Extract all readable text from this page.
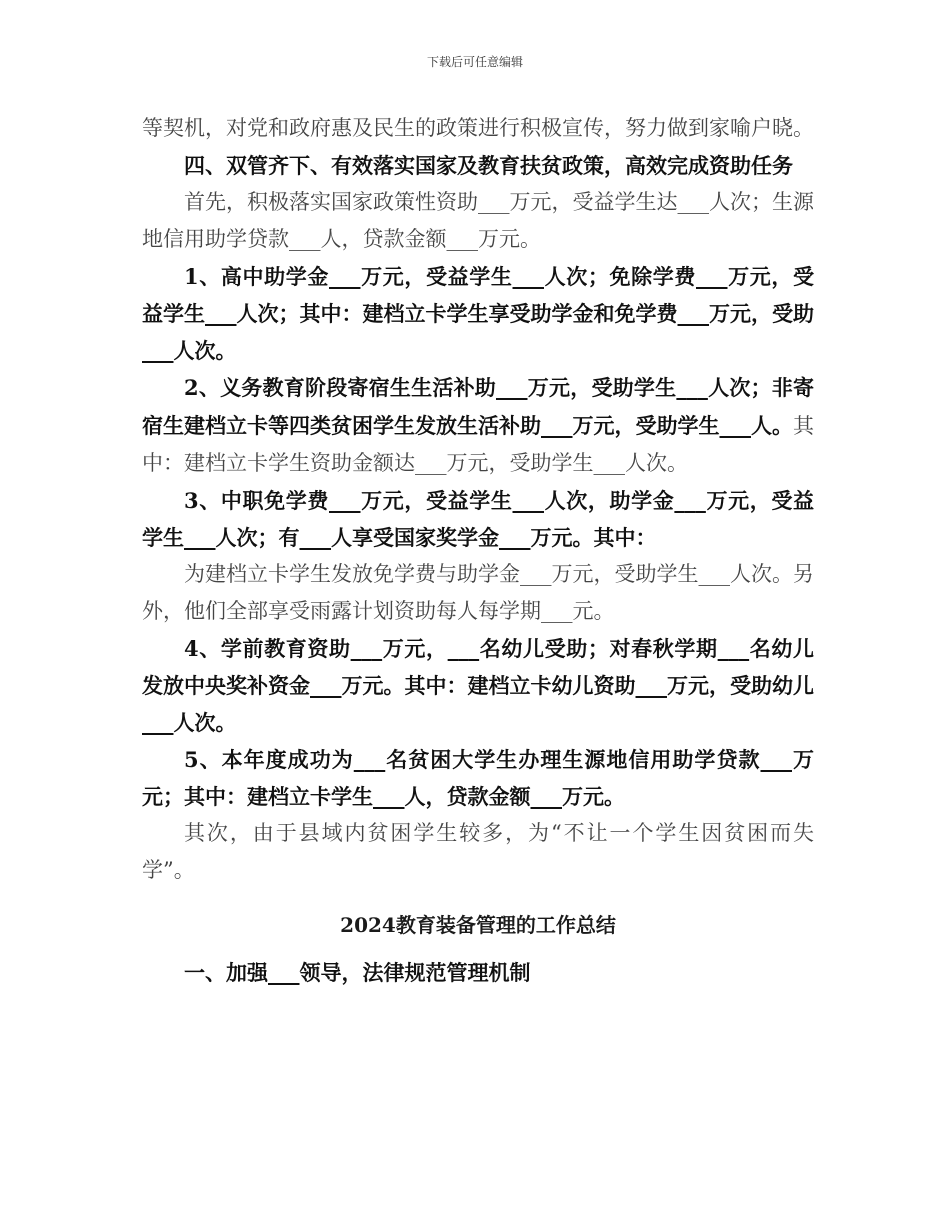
下载后可任意编辑

等契机，对党和政府惠及民生的政策进行积极宣传，努力做到家喻户晓。

四、双管齐下、有效落实国家及教育扶贫政策，高效完成资助任务

首先，积极落实国家政策性资助___万元，受益学生达___人次；生源地信用助学贷款___人，贷款金额___万元。

1、高中助学金___万元，受益学生___人次；免除学费___万元，受益学生___人次；其中：建档立卡学生享受助学金和免学费___万元，受助___人次。

2、义务教育阶段寄宿生生活补助___万元，受助学生___人次；非寄宿生建档立卡等四类贫困学生发放生活补助___万元，受助学生___人。其中：建档立卡学生资助金额达___万元，受助学生___人次。

3、中职免学费___万元，受益学生___人次，助学金___万元，受益学生___人次；有___人享受国家奖学金___万元。其中：

为建档立卡学生发放免学费与助学金___万元，受助学生___人次。另外，他们全部享受雨露计划资助每人每学期___元。

4、学前教育资助___万元，___名幼儿受助；对春秋学期___名幼儿发放中央奖补资金___万元。其中：建档立卡幼儿资助___万元，受助幼儿___人次。

5、本年度成功为___名贫困大学生办理生源地信用助学贷款___万元；其中：建档立卡学生___人，贷款金额___万元。

其次，由于县域内贫困学生较多，为“不让一个学生因贫困而失学”。

2024教育装备管理的工作总结

一、加强___领导，法律规范管理机制
